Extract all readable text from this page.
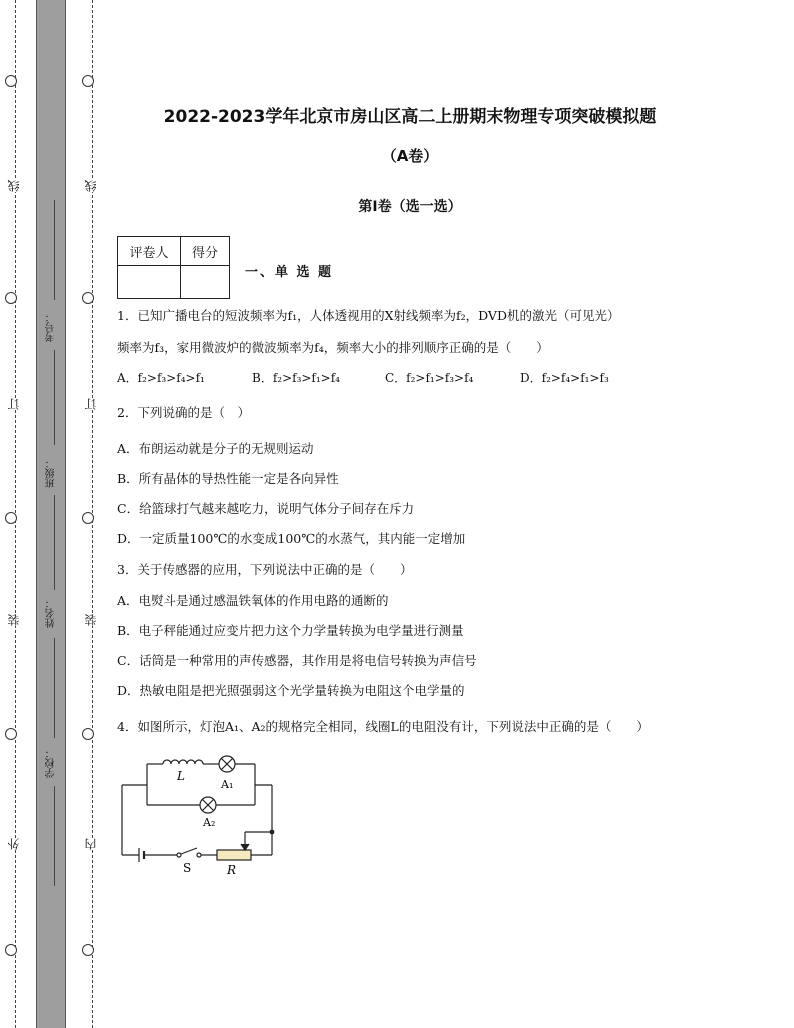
线
订
装
外
线
订
装
内
考号：
班级：
姓名：
学校：
2022-2023学年北京市房山区高二上册期末物理专项突破模拟题
（A卷）
第I卷（选一选）
评卷人	得分

一、单 选 题
1．已知广播电台的短波频率为f₁，人体透视用的X射线频率为f₂，DVD机的激光（可见光）
频率为f₃，家用微波炉的微波频率为f₄，频率大小的排列顺序正确的是（　　）
A．f₂>f₃>f₄>f₁	B．f₂>f₃>f₁>f₄	C．f₂>f₁>f₃>f₄	D．f₂>f₄>f₁>f₃
2．下列说确的是（　）
A．布朗运动就是分子的无规则运动
B．所有晶体的导热性能一定是各向异性
C．给篮球打气越来越吃力，说明气体分子间存在斥力
D．一定质量100℃的水变成100℃的水蒸气，其内能一定增加
3．关于传感器的应用，下列说法中正确的是（　　）
A．电熨斗是通过感温铁氧体的作用电路的通断的
B．电子秤能通过应变片把力这个力学量转换为电学量进行测量
C．话筒是一种常用的声传感器，其作用是将电信号转换为声信号
D．热敏电阻是把光照强弱这个光学量转换为电阻这个电学量的
4．如图所示，灯泡A₁、A₂的规格完全相同，线圈L的电阻没有计，下列说法中正确的是（　　）
L
A₁
A₂
S	R
